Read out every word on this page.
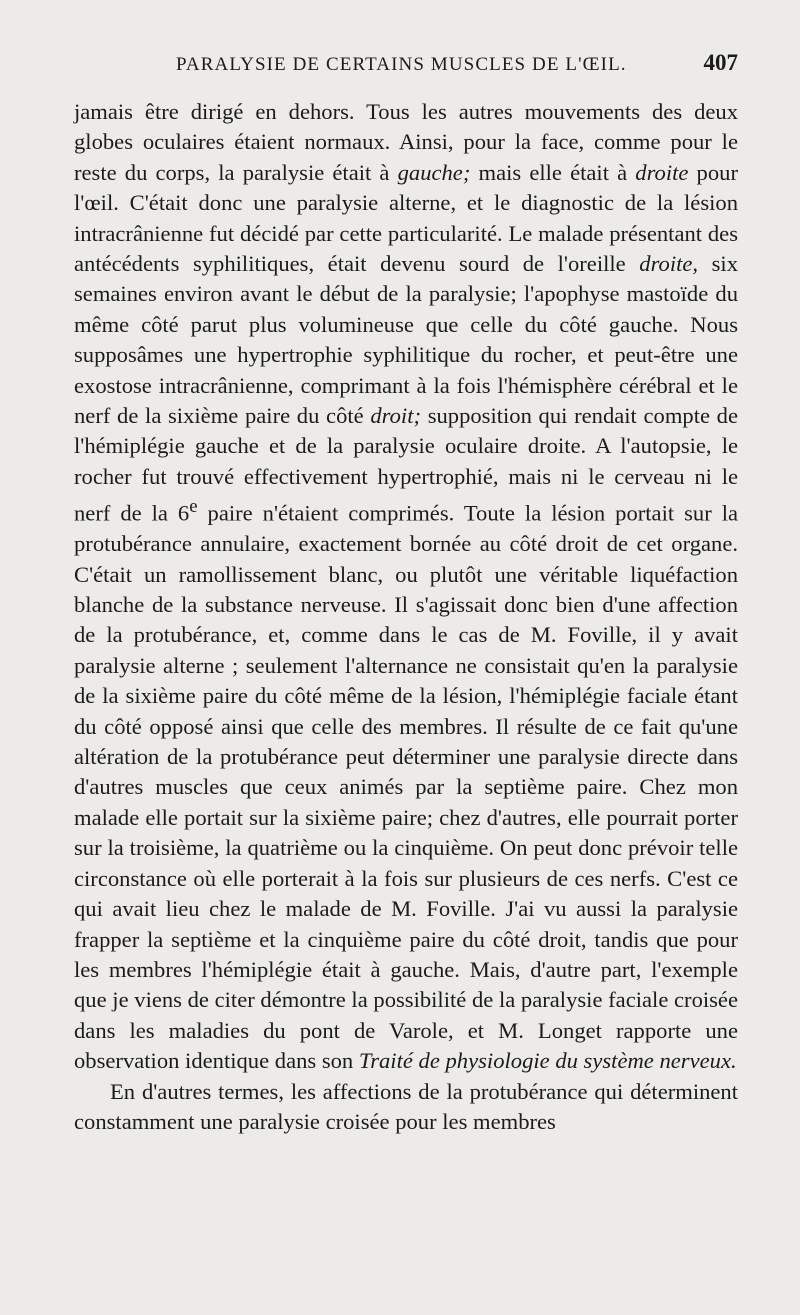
PARALYSIE DE CERTAINS MUSCLES DE L'ŒIL.	407

jamais être dirigé en dehors. Tous les autres mouvements des deux globes oculaires étaient normaux. Ainsi, pour la face, comme pour le reste du corps, la paralysie était à gauche; mais elle était à droite pour l'œil. C'était donc une paralysie alterne, et le diagnostic de la lésion intracrânienne fut décidé par cette particularité. Le malade présentant des antécédents syphilitiques, était devenu sourd de l'oreille droite, six semaines environ avant le début de la paralysie; l'apophyse mastoïde du même côté parut plus volumineuse que celle du côté gauche. Nous supposâmes une hypertrophie syphilitique du rocher, et peut-être une exostose intracrânienne, comprimant à la fois l'hémisphère cérébral et le nerf de la sixième paire du côté droit; supposition qui rendait compte de l'hémiplégie gauche et de la paralysie oculaire droite. A l'autopsie, le rocher fut trouvé effectivement hypertrophié, mais ni le cerveau ni le nerf de la 6e paire n'étaient comprimés. Toute la lésion portait sur la protubérance annulaire, exactement bornée au côté droit de cet organe. C'était un ramollissement blanc, ou plutôt une véritable liquéfaction blanche de la substance nerveuse. Il s'agissait donc bien d'une affection de la protubérance, et, comme dans le cas de M. Foville, il y avait paralysie alterne ; seulement l'alternance ne consistait qu'en la paralysie de la sixième paire du côté même de la lésion, l'hémiplégie faciale étant du côté opposé ainsi que celle des membres. Il résulte de ce fait qu'une altération de la protubérance peut déterminer une paralysie directe dans d'autres muscles que ceux animés par la septième paire. Chez mon malade elle portait sur la sixième paire; chez d'autres, elle pourrait porter sur la troisième, la quatrième ou la cinquième. On peut donc prévoir telle circonstance où elle porterait à la fois sur plusieurs de ces nerfs. C'est ce qui avait lieu chez le malade de M. Foville. J'ai vu aussi la paralysie frapper la septième et la cinquième paire du côté droit, tandis que pour les membres l'hémiplégie était à gauche. Mais, d'autre part, l'exemple que je viens de citer démontre la possibilité de la paralysie faciale croisée dans les maladies du pont de Varole, et M. Longet rapporte une observation identique dans son Traité de physiologie du système nerveux.

En d'autres termes, les affections de la protubérance qui déterminent constamment une paralysie croisée pour les membres
